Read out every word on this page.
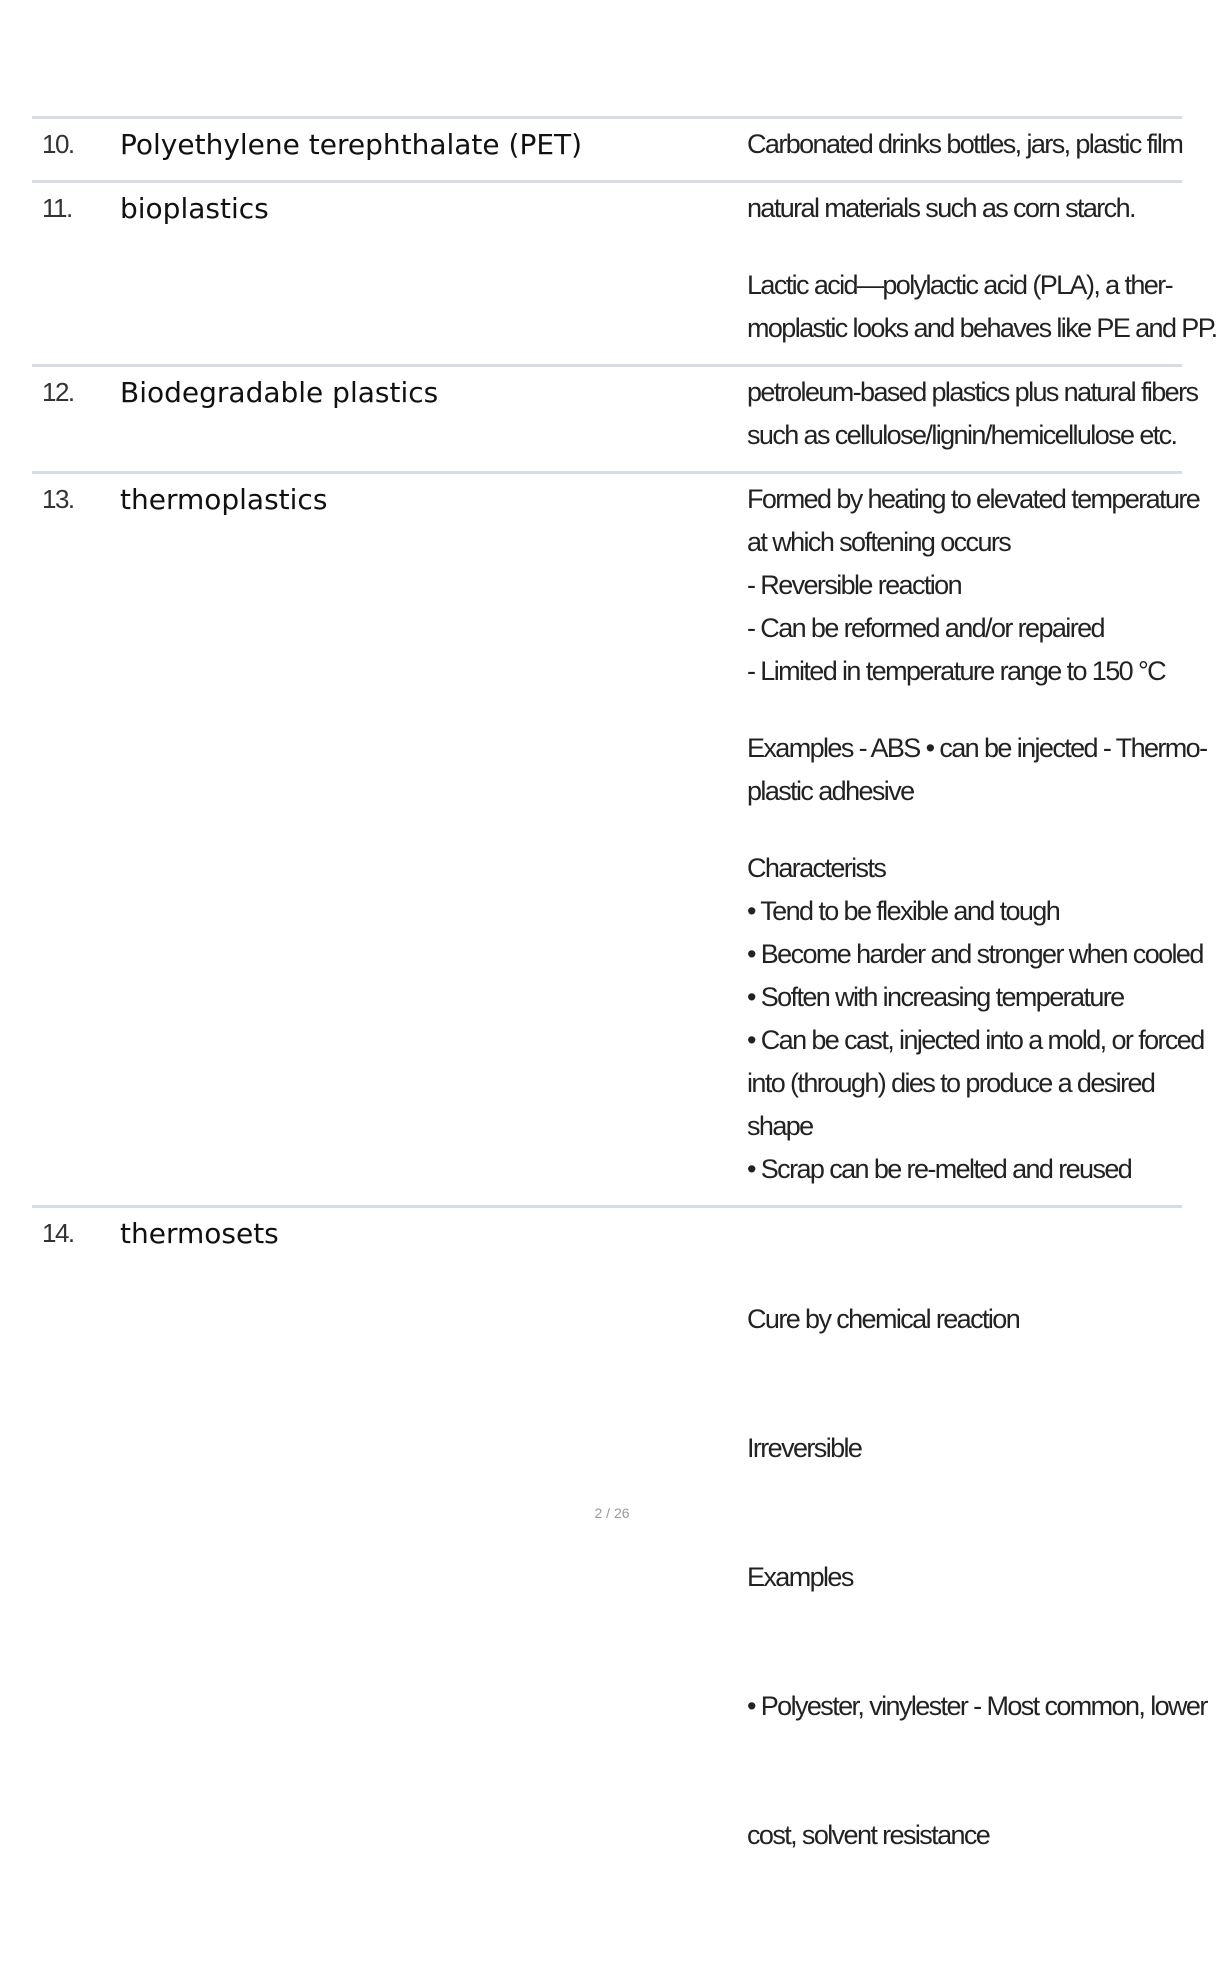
10.	Polyethylene terephthalate (PET)	Carbonated drinks bottles, jars, plastic film

11.	bioplastics	natural materials such as corn starch.

Lactic acid—polylactic acid (PLA), a ther-
moplastic looks and behaves like PE and PP.

12.	Biodegradable plastics	petroleum-based plastics plus natural fibers
such as cellulose/lignin/hemicellulose etc.

13.	thermoplastics	Formed by heating to elevated temperature
at which softening occurs
- Reversible reaction
- Can be reformed and/or repaired
- Limited in temperature range to 150 °C

Examples - ABS • can be injected - Thermo-
plastic adhesive

Characterists
• Tend to be flexible and tough
• Become harder and stronger when cooled
• Soften with increasing temperature
• Can be cast, injected into a mold, or forced
into (through) dies to produce a desired
shape
• Scrap can be re-melted and reused

14.	thermosets

Cure by chemical reaction

Irreversible

Examples

• Polyester, vinylester - Most common, lower

cost, solvent resistance

2 / 26
